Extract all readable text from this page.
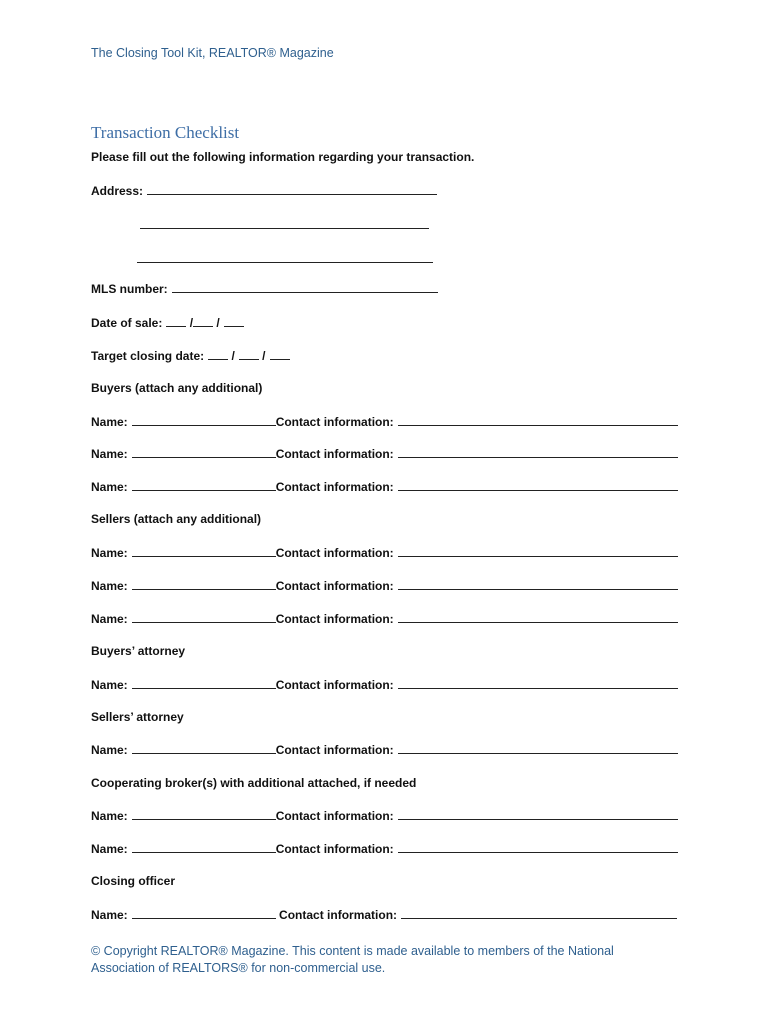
The Closing Tool Kit, REALTOR® Magazine
Transaction Checklist
Please fill out the following information regarding your transaction.
Address:
MLS number:
Date of sale: / /
Target closing date: / /
Buyers (attach any additional)
Name:	Contact information:
Name:	Contact information:
Name:	Contact information:
Sellers (attach any additional)
Name:	Contact information:
Name:	Contact information:
Name:	Contact information:
Buyers’ attorney
Name:	Contact information:
Sellers’ attorney
Name:	Contact information:
Cooperating broker(s) with additional attached, if needed
Name:	Contact information:
Name:	Contact information:
Closing officer
Name:	Contact information:
© Copyright REALTOR® Magazine. This content is made available to members of the National Association of REALTORS® for non-commercial use.
